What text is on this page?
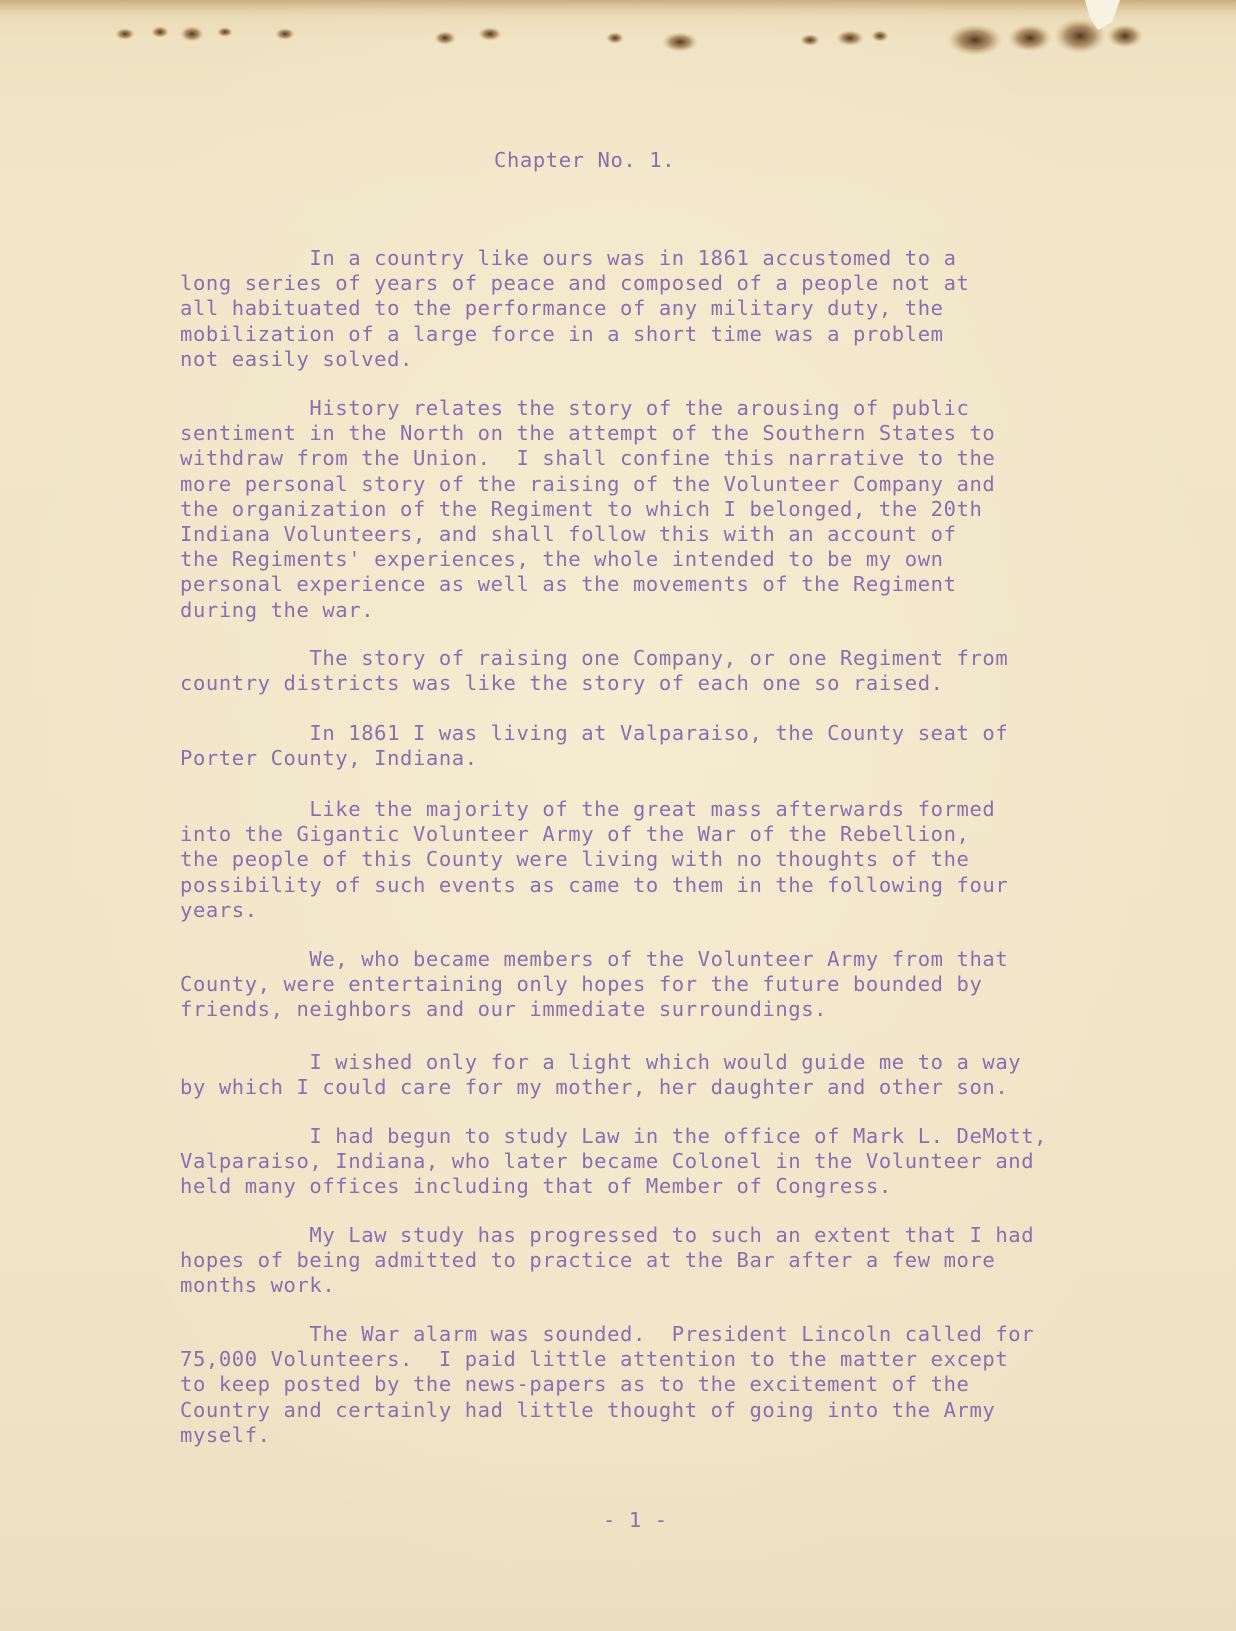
Chapter No. 1.

In a country like ours was in 1861 accustomed to a
long series of years of peace and composed of a people not at
all habituated to the performance of any military duty, the
mobilization of a large force in a short time was a problem
not easily solved.

History relates the story of the arousing of public
sentiment in the North on the attempt of the Southern States to
withdraw from the Union.  I shall confine this narrative to the
more personal story of the raising of the Volunteer Company and
the organization of the Regiment to which I belonged, the 20th
Indiana Volunteers, and shall follow this with an account of
the Regiments' experiences, the whole intended to be my own
personal experience as well as the movements of the Regiment
during the war.

The story of raising one Company, or one Regiment from
country districts was like the story of each one so raised.

In 1861 I was living at Valparaiso, the County seat of
Porter County, Indiana.

Like the majority of the great mass afterwards formed
into the Gigantic Volunteer Army of the War of the Rebellion,
the people of this County were living with no thoughts of the
possibility of such events as came to them in the following four
years.

We, who became members of the Volunteer Army from that
County, were entertaining only hopes for the future bounded by
friends, neighbors and our immediate surroundings.

I wished only for a light which would guide me to a way
by which I could care for my mother, her daughter and other son.

I had begun to study Law in the office of Mark L. DeMott,
Valparaiso, Indiana, who later became Colonel in the Volunteer and
held many offices including that of Member of Congress.

My Law study has progressed to such an extent that I had
hopes of being admitted to practice at the Bar after a few more
months work.

The War alarm was sounded.  President Lincoln called for
75,000 Volunteers.  I paid little attention to the matter except
to keep posted by the news-papers as to the excitement of the
Country and certainly had little thought of going into the Army
myself.

- 1 -
